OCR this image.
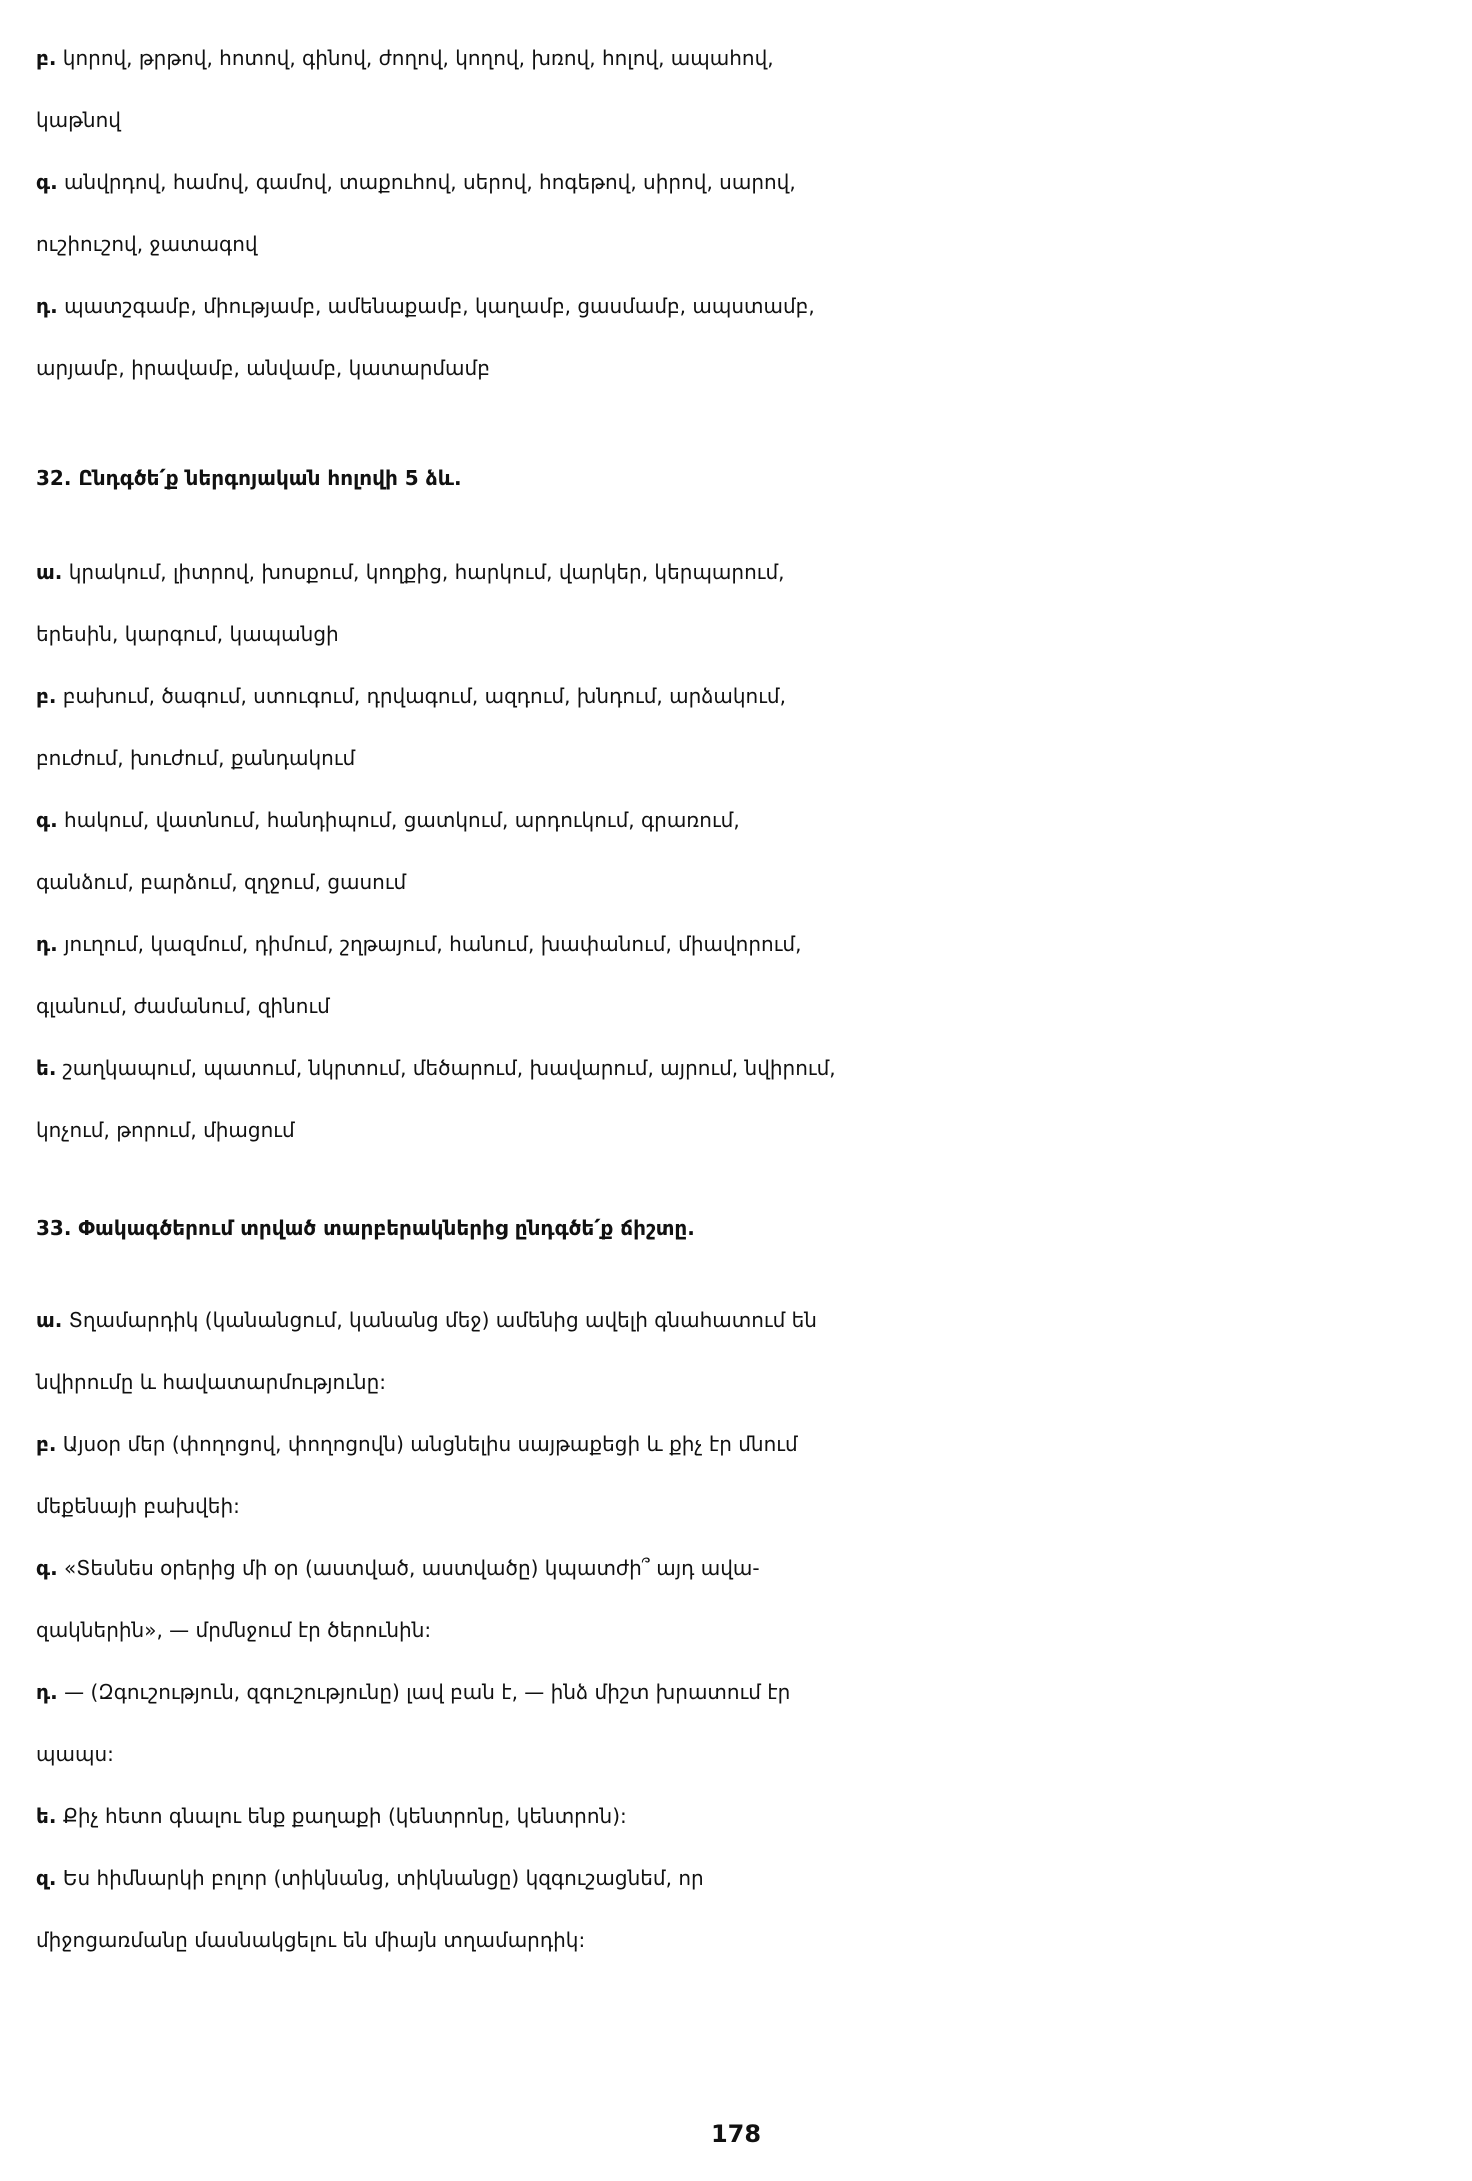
բ. կորով, թրթով, հոտով, գինով, ժողով, կողով, խռով, հոլով, ապահով,
կաթնով
գ. անվրդով, համով, գամով, տաքուհով, սերով, հոգեթով, սիրով, սարով,
ուշիուշով, ջատագով
դ. պատշգամբ, միությամբ, ամենաքամբ, կաղամբ, ցասմամբ, ապստամբ,
արյամբ, իրավամբ, անվամբ, կատարմամբ
32. Ընդգծե՛ք ներգոյական հոլովի 5 ձև.
ա. կրակում, լիտրով, խոսքում, կողքից, հարկում, վարկեր, կերպարում,
երեսին, կարգում, կապանցի
բ. բախում, ծագում, ստուգում, դրվագում, ազդում, խնդում, արձակում,
բուժում, խուժում, քանդակում
գ. հակում, վատնում, հանդիպում, ցատկում, արդուկում, գրառում,
գանձում, բարձում, զղջում, ցասում
դ. յուղում, կազմում, դիմում, շղթայում, հանում, խափանում, միավորում,
գլանում, ժամանում, զինում
ե. շաղկապում, պատում, նկրտում, մեծարում, խավարում, այրում, նվիրում,
կոչում, թորում, միացում
33. Փակագծերում տրված տարբերակներից ընդգծե՛ք ճիշտը.
ա. Տղամարդիկ (կանանցում, կանանց մեջ) ամենից ավելի գնահատում են
նվիրումը և հավատարմությունը:
բ. Այսօր մեր (փողոցով, փողոցովն) անցնելիս սայթաքեցի և քիչ էր մնում
մեքենայի բախվեի:
գ. «Տեսնես օրերից մի օր (աստված, աստվածը) կպատժի՞ այդ ավա-
զակներին», — մրմնջում էր ծերունին:
դ. — (Զգուշություն, զգուշությունը) լավ բան է, — ինձ միշտ խրատում էր
պապս:
ե. Քիչ հետո գնալու ենք քաղաքի (կենտրոնը, կենտրոն):
զ. Ես հիմնարկի բոլոր (տիկնանց, տիկնանցը) կզգուշացնեմ, որ
միջոցառմանը մասնակցելու են միայն տղամարդիկ:
178
